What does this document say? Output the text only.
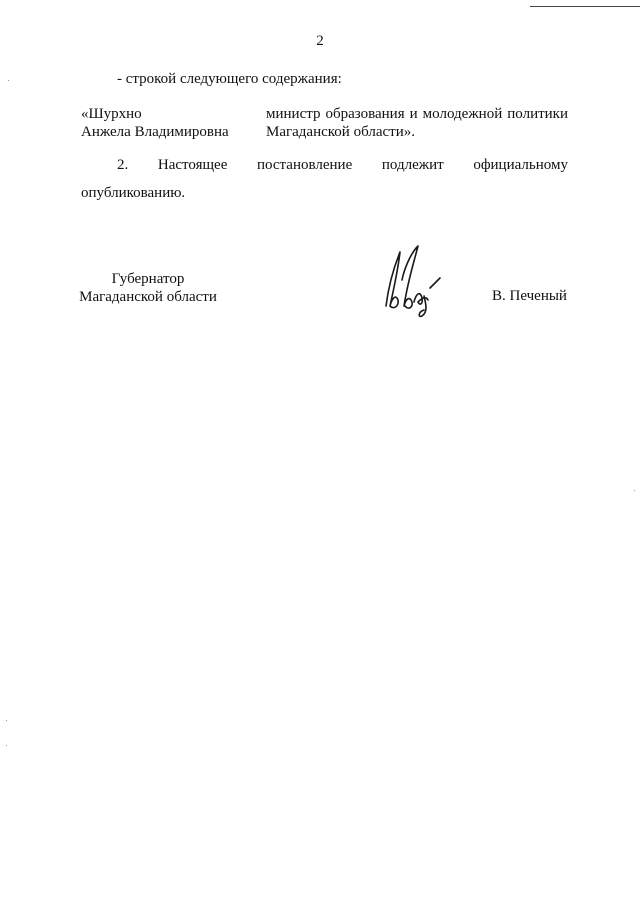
2
- строкой следующего содержания:
«Шурхно
Анжела Владимировна
министр образования и молодежной политики
Магаданской области».
2. Настоящее постановление подлежит официальному
опубликованию.
Губернатор
Магаданской области	В. Печеный
